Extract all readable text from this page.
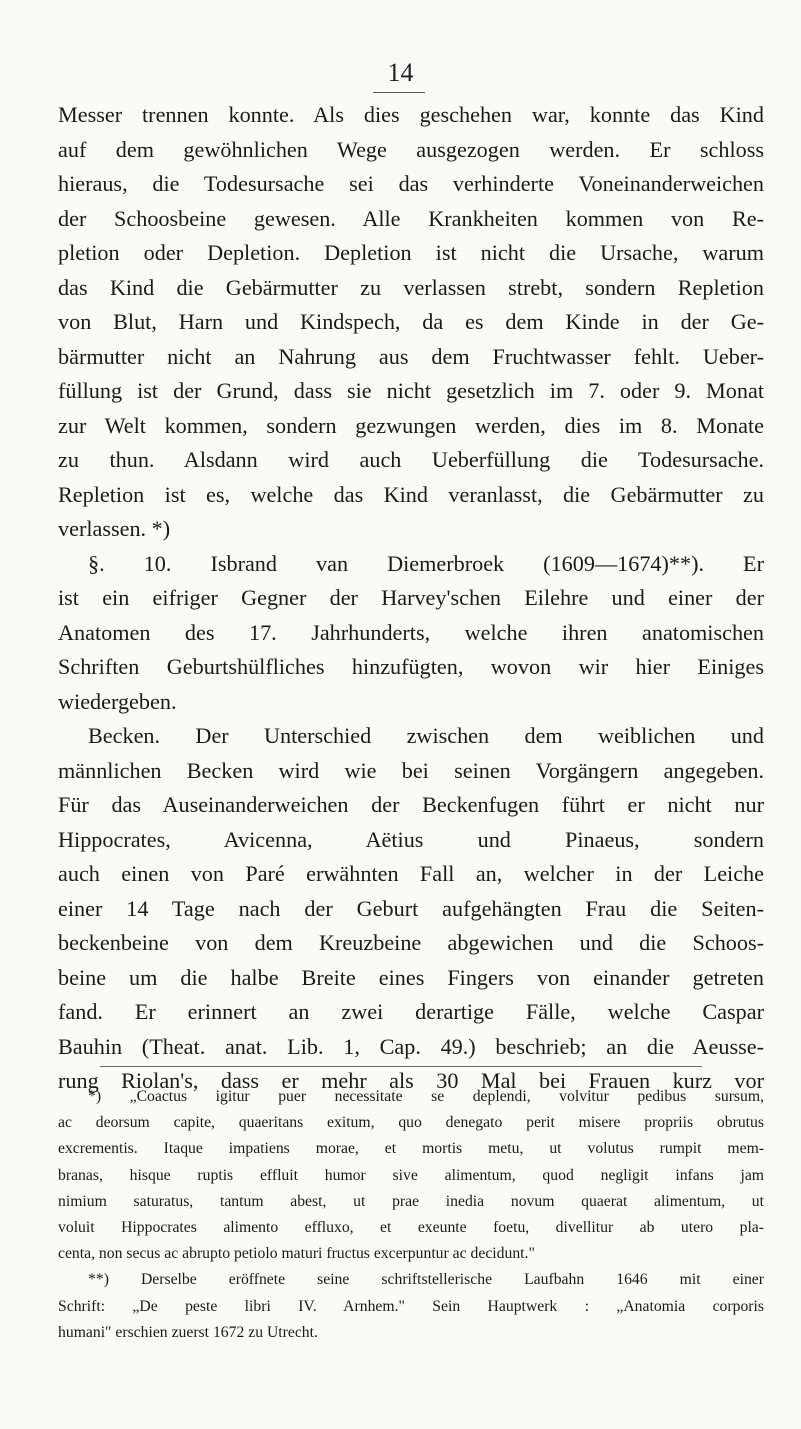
14
Messer trennen konnte. Als dies geschehen war, konnte das Kind
auf dem gewöhnlichen Wege ausgezogen werden. Er schloss
hieraus, die Todesursache sei das verhinderte Voneinanderweichen
der Schoosbeine gewesen. Alle Krankheiten kommen von Re-
pletion oder Depletion. Depletion ist nicht die Ursache, warum
das Kind die Gebärmutter zu verlassen strebt, sondern Repletion
von Blut, Harn und Kindspech, da es dem Kinde in der Ge-
bärmutter nicht an Nahrung aus dem Fruchtwasser fehlt. Ueber-
füllung ist der Grund, dass sie nicht gesetzlich im 7. oder 9. Monat
zur Welt kommen, sondern gezwungen werden, dies im 8. Monate
zu thun. Alsdann wird auch Ueberfüllung die Todesursache.
Repletion ist es, welche das Kind veranlasst, die Gebärmutter zu
verlassen. *)
§. 10. Isbrand van Diemerbroek (1609—1674)**). Er
ist ein eifriger Gegner der Harvey'schen Eilehre und einer der
Anatomen des 17. Jahrhunderts, welche ihren anatomischen
Schriften Geburtshülfliches hinzufügten, wovon wir hier Einiges
wiedergeben.
Becken. Der Unterschied zwischen dem weiblichen und
männlichen Becken wird wie bei seinen Vorgängern angegeben.
Für das Auseinanderweichen der Beckenfugen führt er nicht nur
Hippocrates, Avicenna, Aëtius und Pinaeus, sondern
auch einen von Paré erwähnten Fall an, welcher in der Leiche
einer 14 Tage nach der Geburt aufgehängten Frau die Seiten-
beckenbeine von dem Kreuzbeine abgewichen und die Schoos-
beine um die halbe Breite eines Fingers von einander getreten
fand. Er erinnert an zwei derartige Fälle, welche Caspar
Bauhin (Theat. anat. Lib. 1, Cap. 49.) beschrieb; an die Aeusse-
rung Riolan's, dass er mehr als 30 Mal bei Frauen kurz vor
*) „Coactus igitur puer necessitate se deplendi, volvitur pedibus sursum,
ac deorsum capite, quaeritans exitum, quo denegato perit misere propriis obrutus
excrementis. Itaque impatiens morae, et mortis metu, ut volutus rumpit mem-
branas, hisque ruptis effluit humor sive alimentum, quod negligit infans jam
nimium saturatus, tantum abest, ut prae inedia novum quaerat alimentum, ut
voluit Hippocrates alimento effluxo, et exeunte foetu, divellitur ab utero pla-
centa, non secus ac abrupto petiolo maturi fructus excerpuntur ac decidunt."
**) Derselbe eröffnete seine schriftstellerische Laufbahn 1646 mit einer
Schrift: „De peste libri IV. Arnhem." Sein Hauptwerk : „Anatomia corporis
humani" erschien zuerst 1672 zu Utrecht.
